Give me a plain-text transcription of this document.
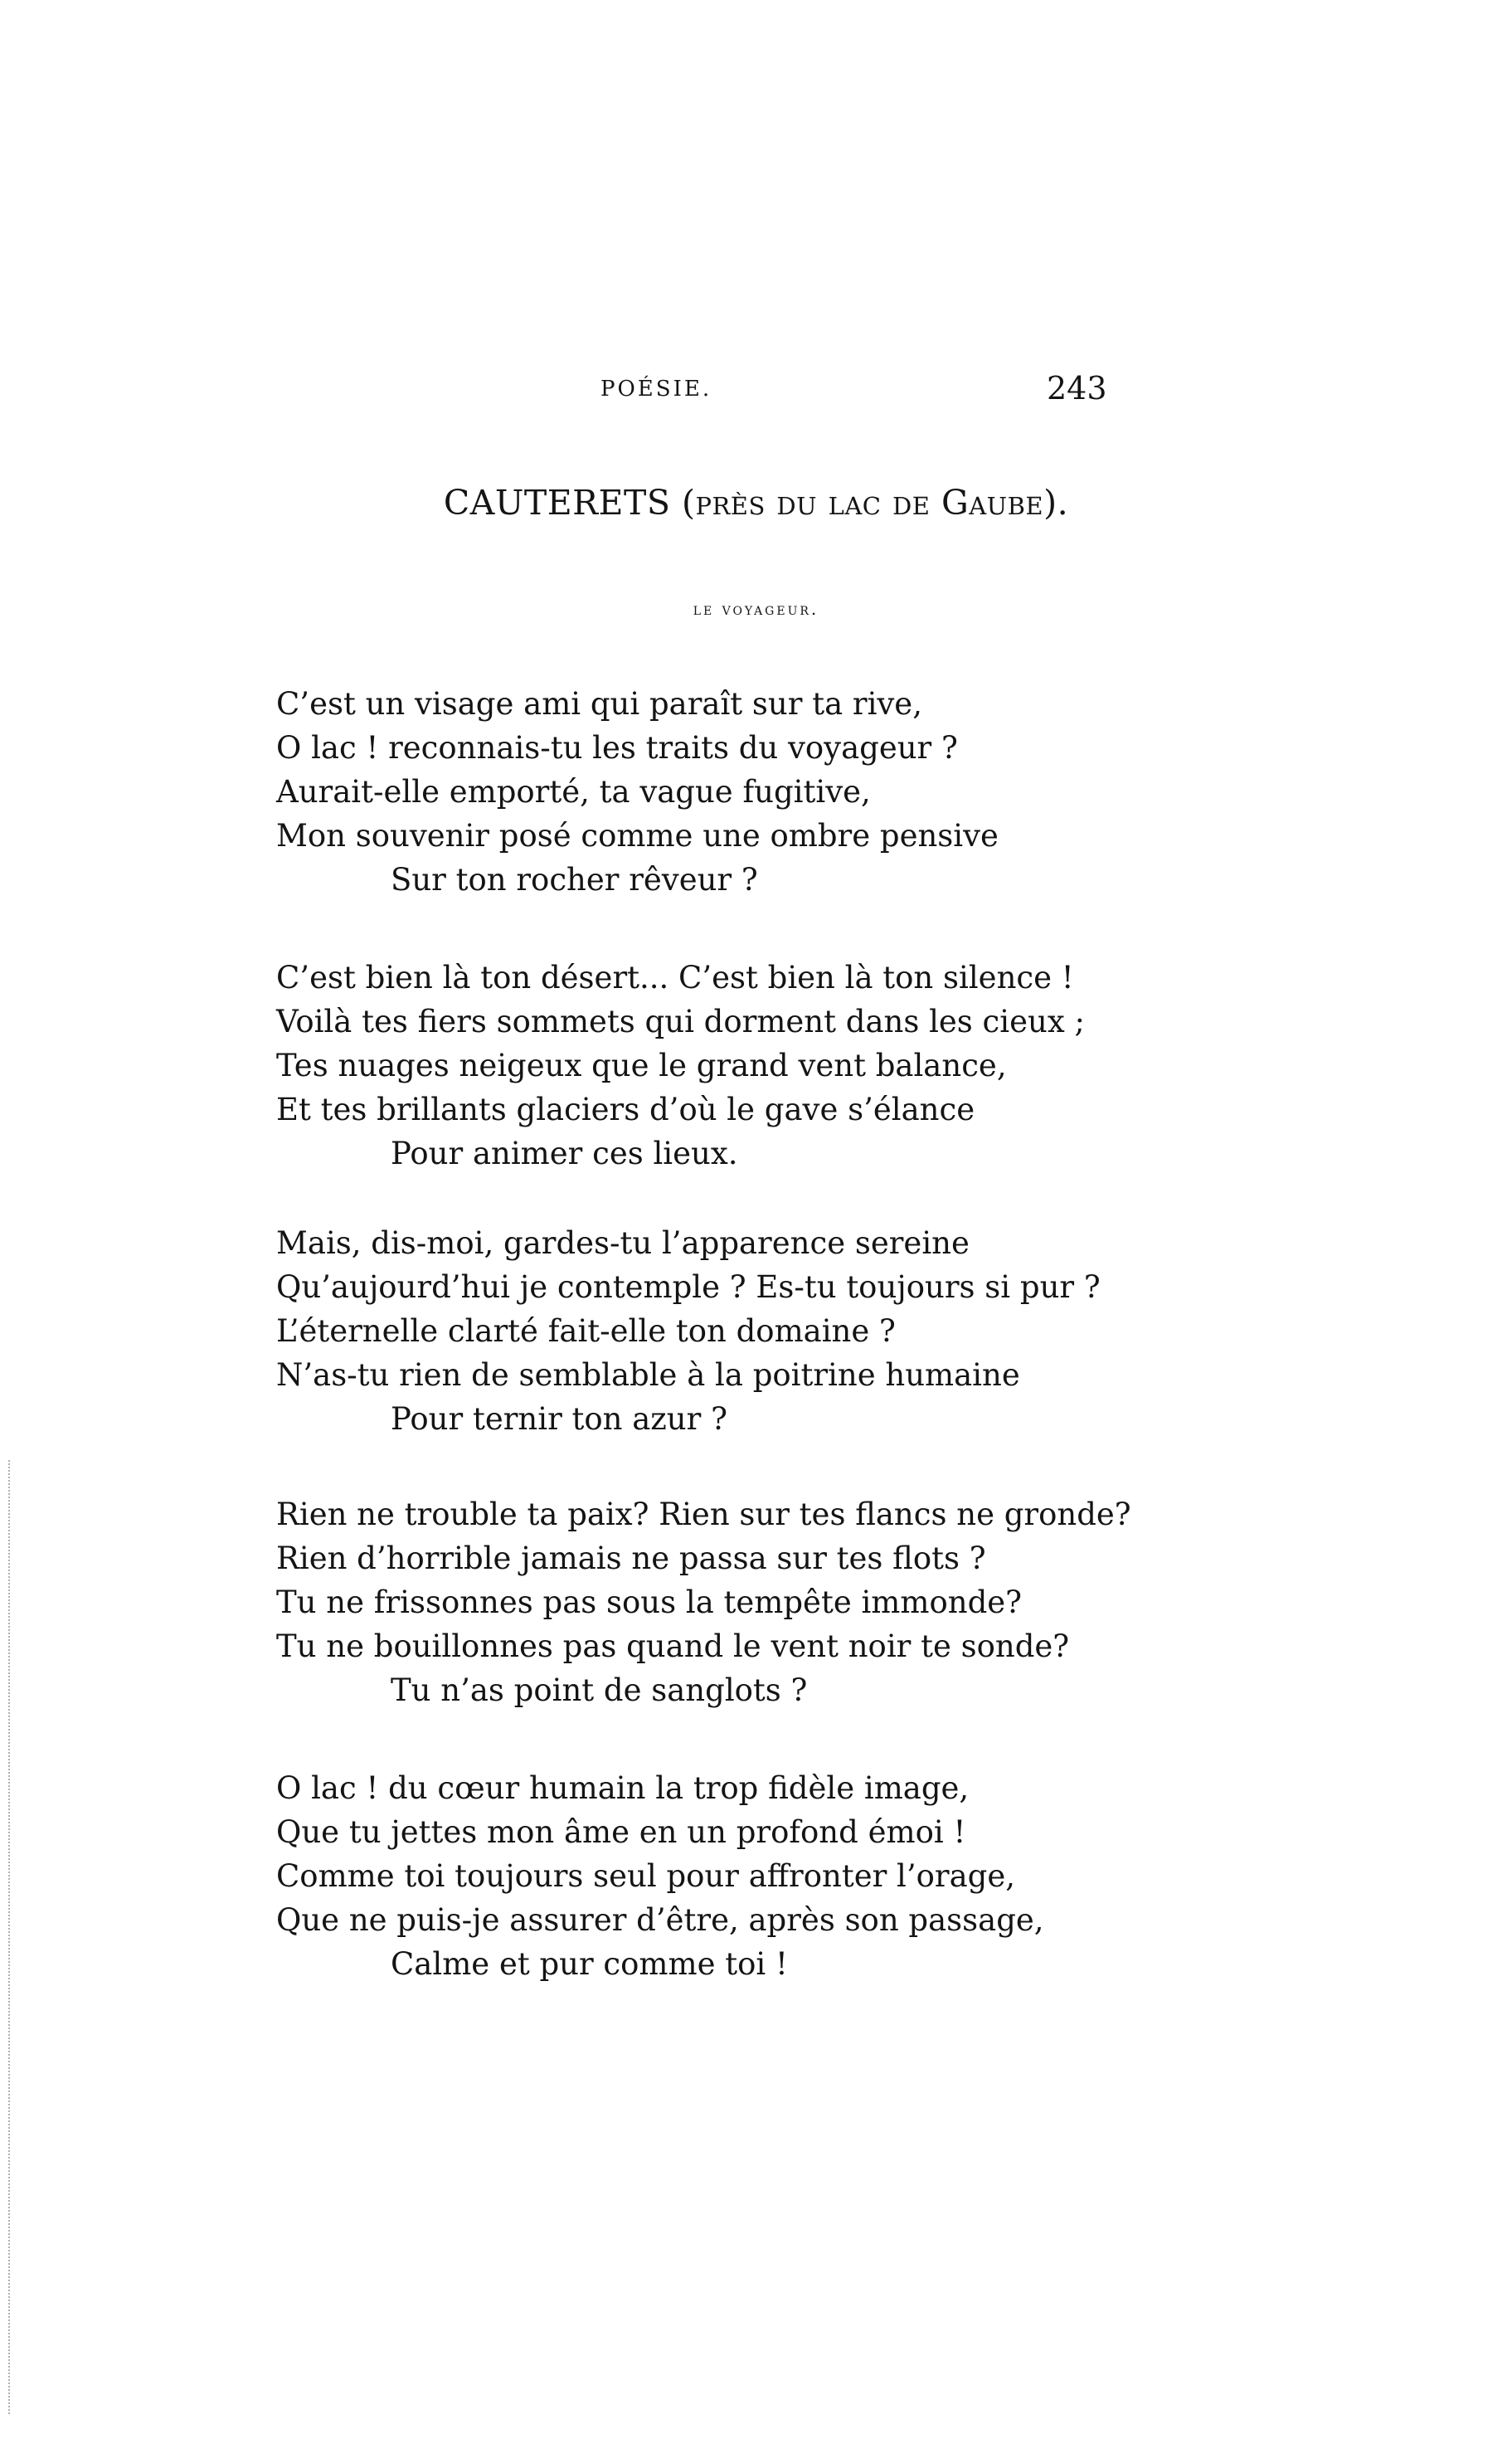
POÉSIE.	243
CAUTERETS (près du lac de Gaube).
le voyageur.
C’est un visage ami qui paraît sur ta rive,
O lac ! reconnais-tu les traits du voyageur ?
Aurait-elle emporté, ta vague fugitive,
Mon souvenir posé comme une ombre pensive
Sur ton rocher rêveur ?
C’est bien là ton désert... C’est bien là ton silence !
Voilà tes fiers sommets qui dorment dans les cieux ;
Tes nuages neigeux que le grand vent balance,
Et tes brillants glaciers d’où le gave s’élance
Pour animer ces lieux.
Mais, dis-moi, gardes-tu l’apparence sereine
Qu’aujourd’hui je contemple ? Es-tu toujours si pur ?
L’éternelle clarté fait-elle ton domaine ?
N’as-tu rien de semblable à la poitrine humaine
Pour ternir ton azur ?
Rien ne trouble ta paix? Rien sur tes flancs ne gronde?
Rien d’horrible jamais ne passa sur tes flots ?
Tu ne frissonnes pas sous la tempête immonde?
Tu ne bouillonnes pas quand le vent noir te sonde?
Tu n’as point de sanglots ?
O lac ! du cœur humain la trop fidèle image,
Que tu jettes mon âme en un profond émoi !
Comme toi toujours seul pour affronter l’orage,
Que ne puis-je assurer d’être, après son passage,
Calme et pur comme toi !
